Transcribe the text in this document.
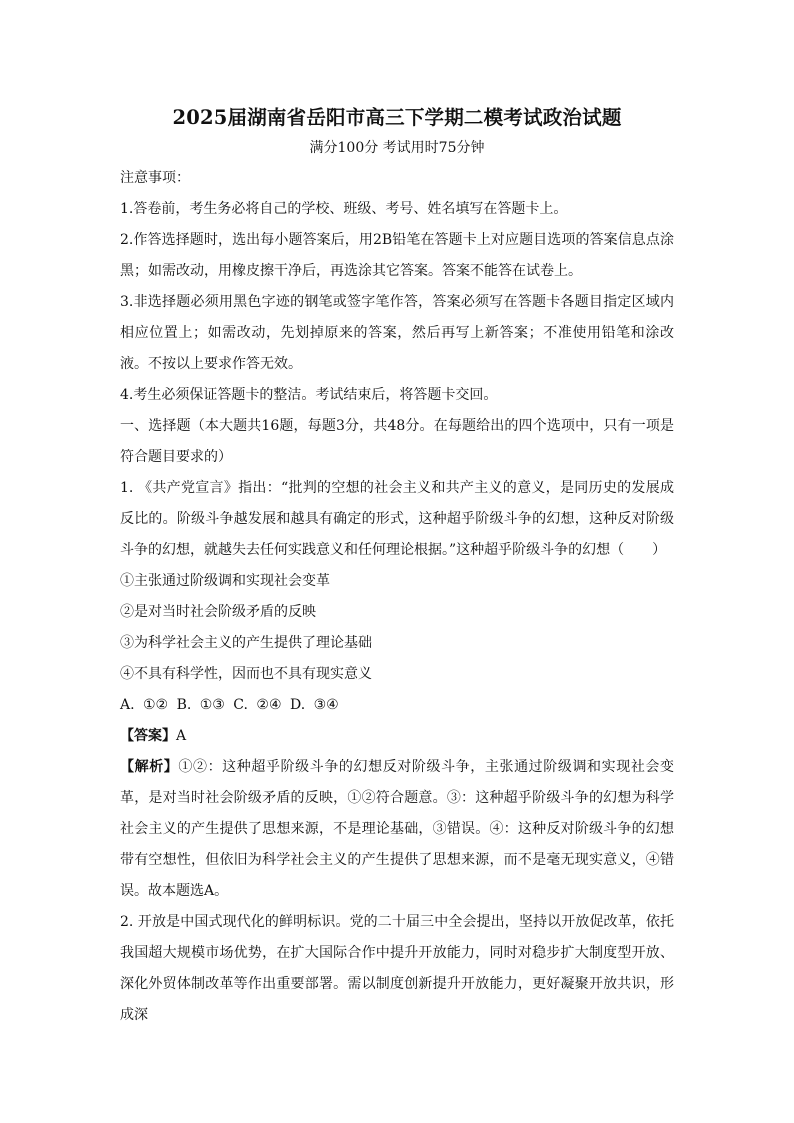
2025届湖南省岳阳市高三下学期二模考试政治试题

满分100分 考试用时75分钟

注意事项：

1.答卷前，考生务必将自己的学校、班级、考号、姓名填写在答题卡上。

2.作答选择题时，选出每小题答案后，用2B铅笔在答题卡上对应题目选项的答案信息点涂黑；如需改动，用橡皮擦干净后，再选涂其它答案。答案不能答在试卷上。

3.非选择题必须用黑色字迹的钢笔或签字笔作答，答案必须写在答题卡各题目指定区域内相应位置上；如需改动，先划掉原来的答案，然后再写上新答案；不准使用铅笔和涂改液。不按以上要求作答无效。

4.考生必须保证答题卡的整洁。考试结束后，将答题卡交回。

一、选择题（本大题共16题，每题3分，共48分。在每题给出的四个选项中，只有一项是符合题目要求的）

1. 《共产党宣言》指出：“批判的空想的社会主义和共产主义的意义，是同历史的发展成反比的。阶级斗争越发展和越具有确定的形式，这种超乎阶级斗争的幻想，这种反对阶级斗争的幻想，就越失去任何实践意义和任何理论根据。”这种超乎阶级斗争的幻想（　　）

①主张通过阶级调和实现社会变革

②是对当时社会阶级矛盾的反映

③为科学社会主义的产生提供了理论基础

④不具有科学性，因而也不具有现实意义

A. ①② B. ①③ C. ②④ D. ③④

【答案】A

【解析】①②：这种超乎阶级斗争的幻想反对阶级斗争，主张通过阶级调和实现社会变革，是对当时社会阶级矛盾的反映，①②符合题意。③：这种超乎阶级斗争的幻想为科学社会主义的产生提供了思想来源，不是理论基础，③错误。④：这种反对阶级斗争的幻想带有空想性，但依旧为科学社会主义的产生提供了思想来源，而不是毫无现实意义，④错误。故本题选A。

2. 开放是中国式现代化的鲜明标识。党的二十届三中全会提出，坚持以开放促改革，依托我国超大规模市场优势，在扩大国际合作中提升开放能力，同时对稳步扩大制度型开放、深化外贸体制改革等作出重要部署。需以制度创新提升开放能力，更好凝聚开放共识，形成深
